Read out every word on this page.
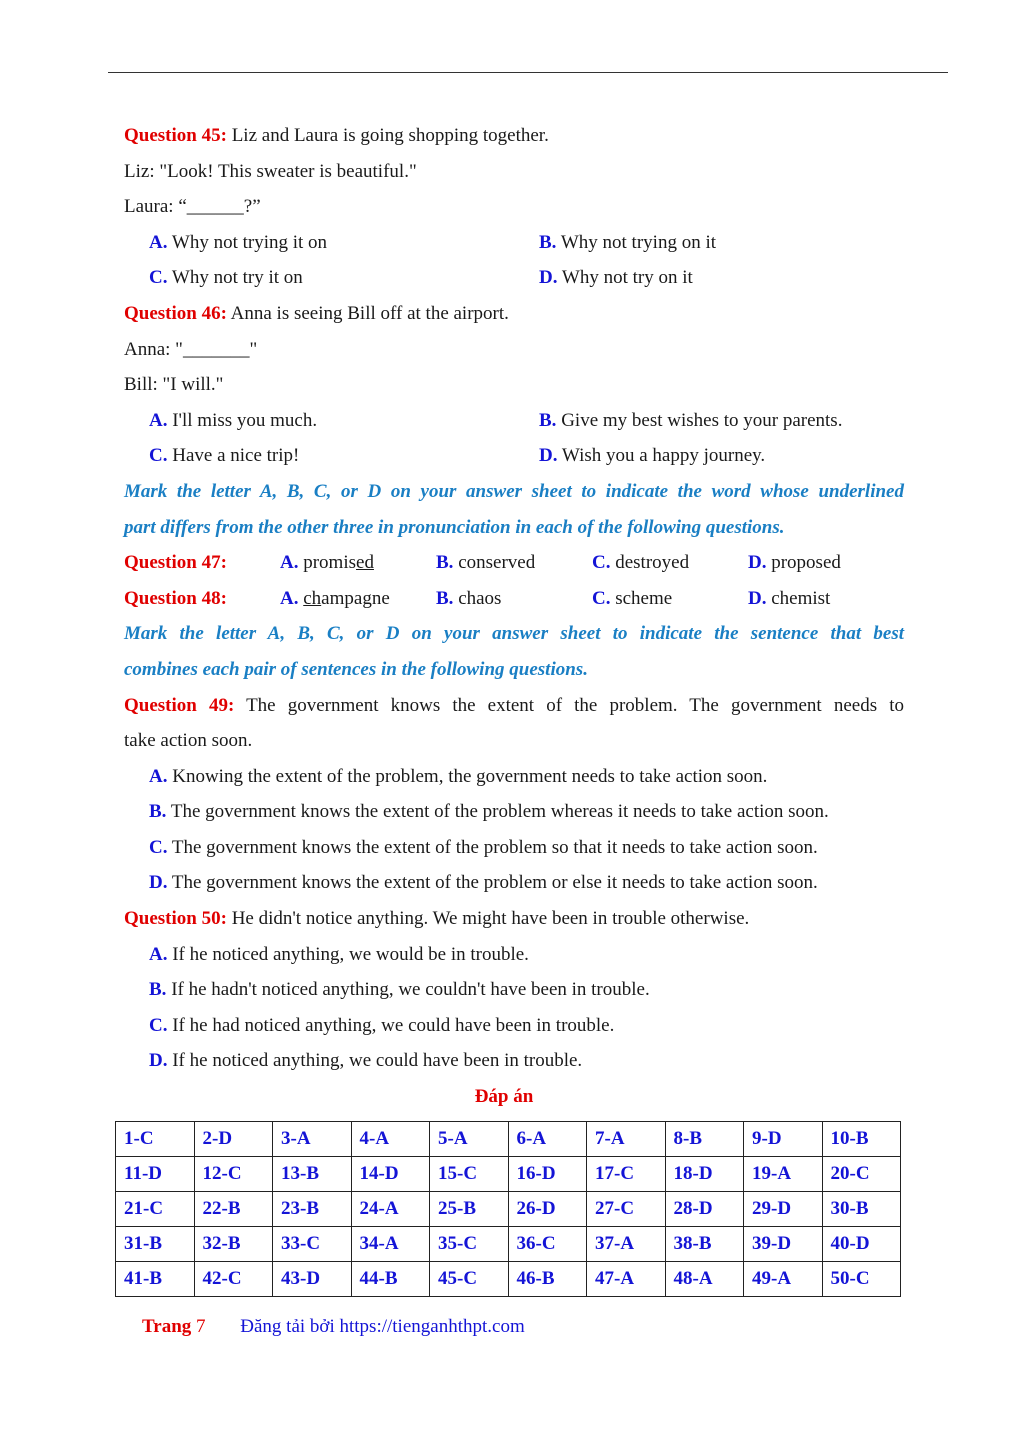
Question 45: Liz and Laura is going shopping together.
Liz: "Look! This sweater is beautiful."
Laura: “______?”
A. Why not trying it on	B. Why not trying on it
C. Why not try it on	D. Why not try on it
Question 46: Anna is seeing Bill off at the airport.
Anna: "_______"
Bill: "I will."
A. I'll miss you much.	B. Give my best wishes to your parents.
C. Have a nice trip!	D. Wish you a happy journey.
Mark the letter A, B, C, or D on your answer sheet to indicate the word whose underlined
part differs from the other three in pronunciation in each of the following questions.
Question 47:	A. promised	B. conserved	C. destroyed	D. proposed
Question 48:	A. champagne	B. chaos	C. scheme	D. chemist
Mark the letter A, B, C, or D on your answer sheet to indicate the sentence that best
combines each pair of sentences in the following questions.
Question 49: The government knows the extent of the problem. The government needs to
take action soon.
A. Knowing the extent of the problem, the government needs to take action soon.
B. The government knows the extent of the problem whereas it needs to take action soon.
C. The government knows the extent of the problem so that it needs to take action soon.
D. The government knows the extent of the problem or else it needs to take action soon.
Question 50: He didn't notice anything. We might have been in trouble otherwise.
A. If he noticed anything, we would be in trouble.
B. If he hadn't noticed anything, we couldn't have been in trouble.
C. If he had noticed anything, we could have been in trouble.
D. If he noticed anything, we could have been in trouble.
Đáp án
1-C	2-D	3-A	4-A	5-A	6-A	7-A	8-B	9-D	10-B
11-D	12-C	13-B	14-D	15-C	16-D	17-C	18-D	19-A	20-C
21-C	22-B	23-B	24-A	25-B	26-D	27-C	28-D	29-D	30-B
31-B	32-B	33-C	34-A	35-C	36-C	37-A	38-B	39-D	40-D
41-B	42-C	43-D	44-B	45-C	46-B	47-A	48-A	49-A	50-C
Trang 7 Đăng tải bởi https://tienganhthpt.com
